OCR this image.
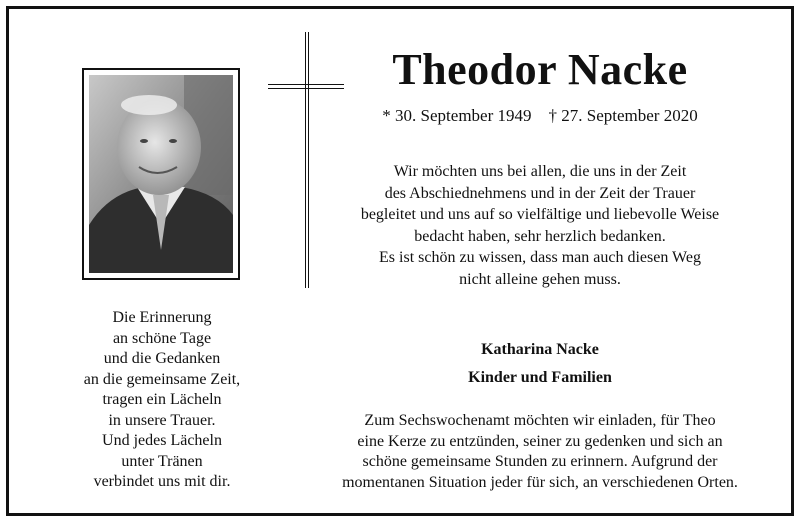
Theodor Nacke
* 30. September 1949 † 27. September 2020
Wir möchten uns bei allen, die uns in der Zeit
des Abschiednehmens und in der Zeit der Trauer
begleitet und uns auf so vielfältige und liebevolle Weise
bedacht haben, sehr herzlich bedanken.
Es ist schön zu wissen, dass man auch diesen Weg
nicht alleine gehen muss.
Die Erinnerung
an schöne Tage
und die Gedanken
an die gemeinsame Zeit,
tragen ein Lächeln
in unsere Trauer.
Und jedes Lächeln
unter Tränen
verbindet uns mit dir.
Katharina Nacke
Kinder und Familien
Zum Sechswochenamt möchten wir einladen, für Theo
eine Kerze zu entzünden, seiner zu gedenken und sich an
schöne gemeinsame Stunden zu erinnern. Aufgrund der
momentanen Situation jeder für sich, an verschiedenen Orten.
